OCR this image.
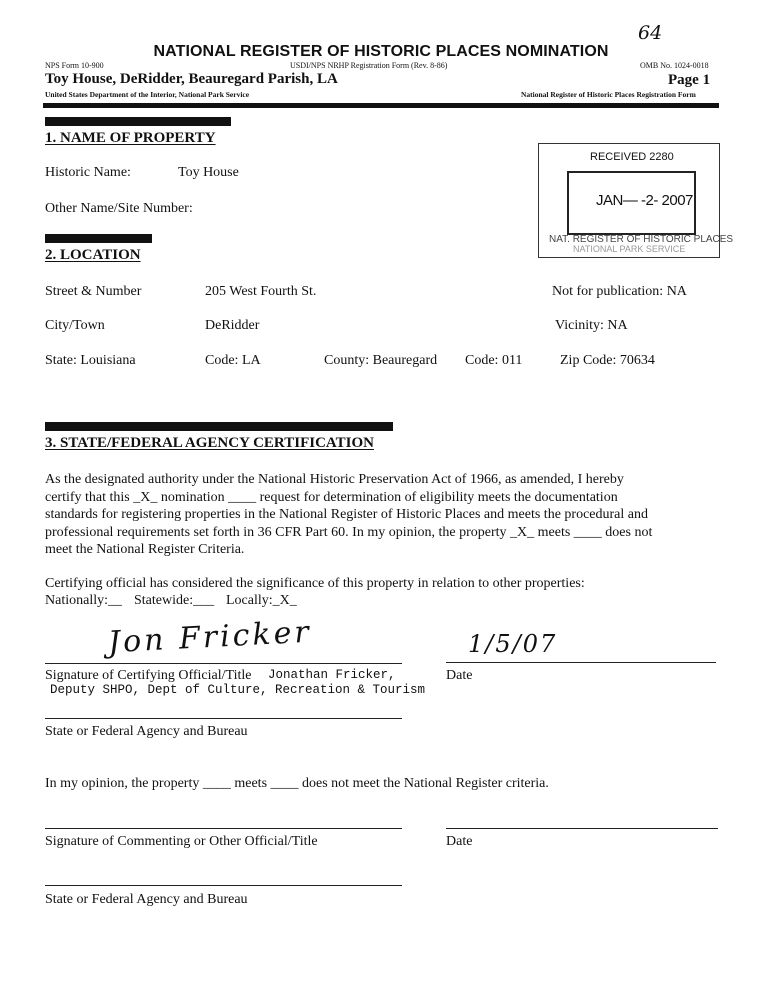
64
NATIONAL REGISTER OF HISTORIC PLACES NOMINATION
NPS Form 10-900	USDI/NPS NRHP Registration Form (Rev. 8-86)	OMB No. 1024-0018
Toy House, DeRidder, Beauregard Parish, LA	Page 1
United States Department of the Interior, National Park Service	National Register of Historic Places Registration Form
RECEIVED 2280
JAN— -2- 2007
NAT. REGISTER OF HISTORIC PLACES
NATIONAL PARK SERVICE
1. NAME OF PROPERTY
Historic Name:	Toy House
Other Name/Site Number:
2. LOCATION
Street & Number	205 West Fourth St.	Not for publication: NA
City/Town	DeRidder	Vicinity: NA
State: Louisiana	Code: LA	County: Beauregard Code: 011	Zip Code: 70634
3. STATE/FEDERAL AGENCY CERTIFICATION
As the designated authority under the National Historic Preservation Act of 1966, as amended, I hereby
certify that this _X_ nomination ____ request for determination of eligibility meets the documentation
standards for registering properties in the National Register of Historic Places and meets the procedural and
professional requirements set forth in 36 CFR Part 60. In my opinion, the property _X_ meets ____ does not
meet the National Register Criteria.
Certifying official has considered the significance of this property in relation to other properties:
Nationally:__ Statewide:___ Locally:_X_
Jon Fricker
Signature of Certifying Official/Title Jonathan Fricker,
Deputy SHPO, Dept of Culture, Recreation & Tourism
1/5/07
Date
State or Federal Agency and Bureau
In my opinion, the property ____ meets ____ does not meet the National Register criteria.
Signature of Commenting or Other Official/Title	Date
State or Federal Agency and Bureau
